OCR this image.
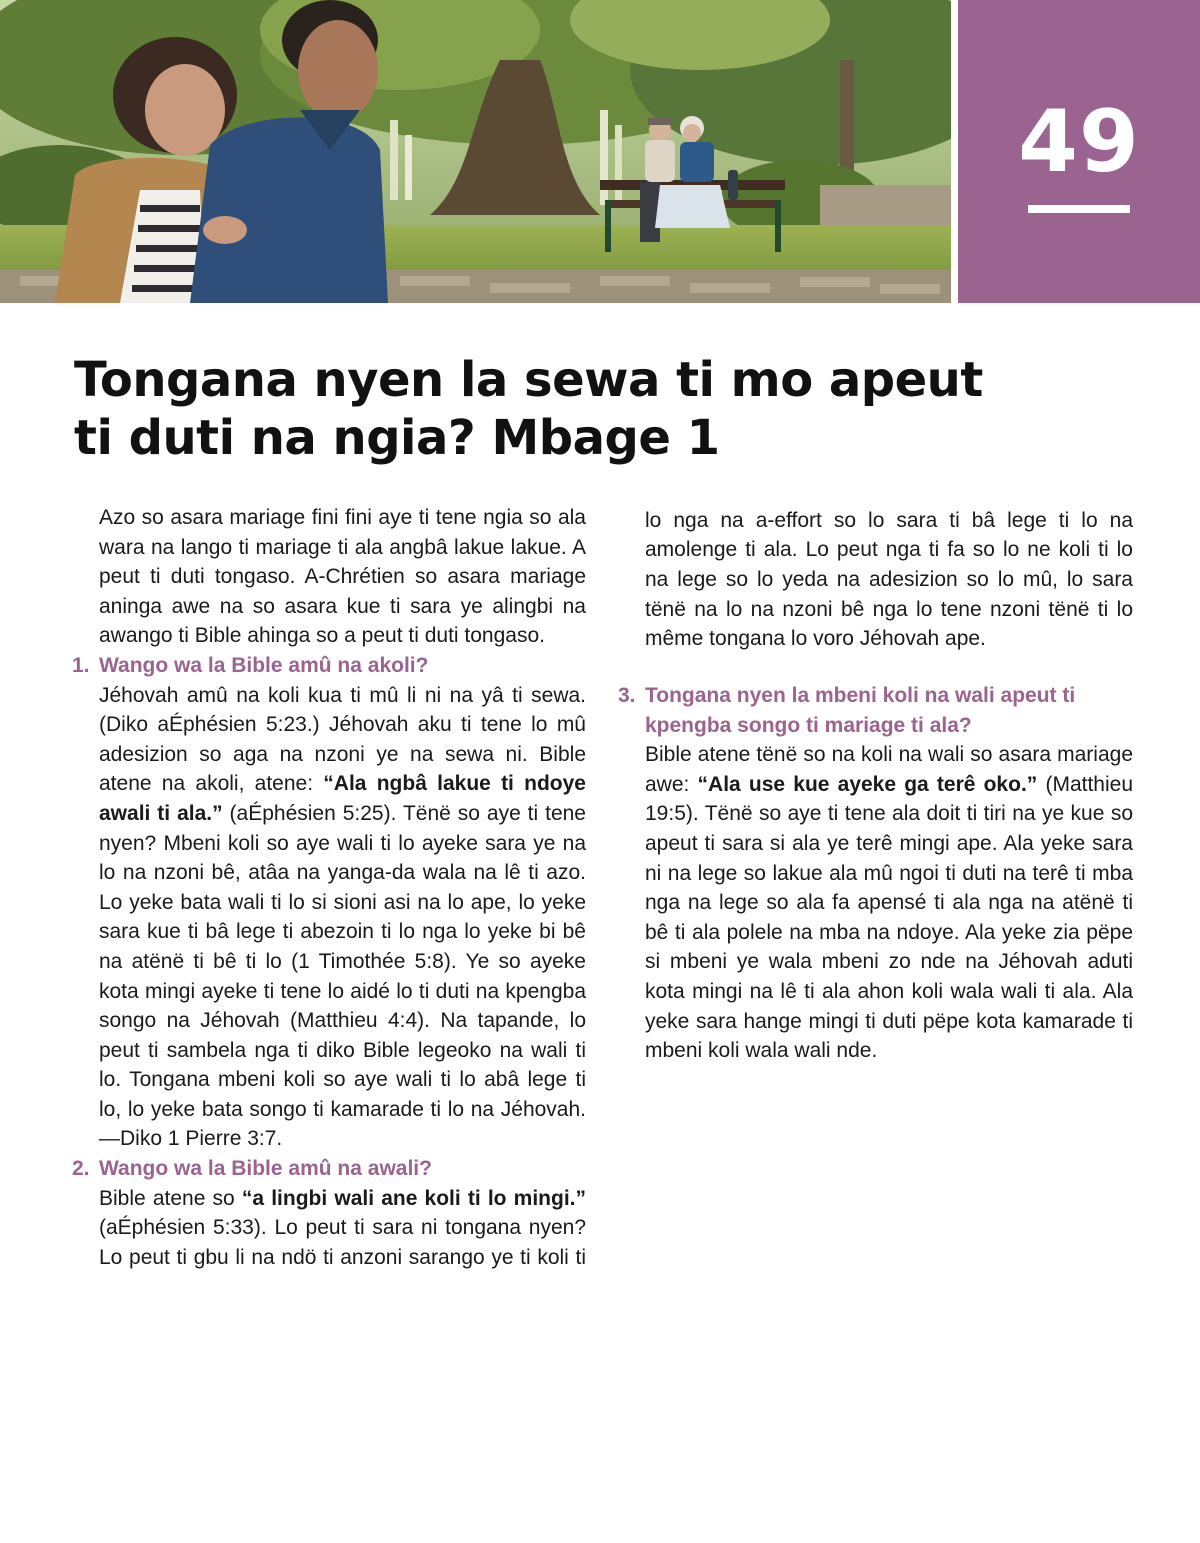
49
Tongana nyen la sewa ti mo apeut
ti duti na ngia? Mbage 1

Azo so asara mariage fini fini aye ti tene ngia so ala wara na lango ti mariage ti ala angbâ lakue lakue. A peut ti duti tongaso. A-Chrétien so asara mariage aninga awe na so asara kue ti sara ye alingbi na awango ti Bible ahinga so a peut ti duti tongaso.

1. Wango wa la Bible amû na akoli?

Jéhovah amû na koli kua ti mû li ni na yâ ti sewa. (Diko aÉphésien 5:23.) Jéhovah aku ti tene lo mû adesizion so aga na nzoni ye na sewa ni. Bible atene na akoli, atene: “Ala ngbâ lakue ti ndoye awali ti ala.” (aÉphésien 5:25). Tënë so aye ti tene nyen? Mbeni koli so aye wali ti lo ayeke sara ye na lo na nzoni bê, atâa na yanga-da wala na lê ti azo. Lo yeke bata wali ti lo si sioni asi na lo ape, lo yeke sara kue ti bâ lege ti abezoin ti lo nga lo yeke bi bê na atënë ti bê ti lo (1 Timothée 5:8). Ye so ayeke kota mingi ayeke ti tene lo aidé lo ti duti na kpengba songo na Jéhovah (Matthieu 4:4). Na tapande, lo peut ti sambela nga ti diko Bible legeoko na wali ti lo. Tongana mbeni koli so aye wali ti lo abâ lege ti lo, lo yeke bata songo ti kamarade ti lo na Jéhovah.—Diko 1 Pierre 3:7.

2. Wango wa la Bible amû na awali?

Bible atene so “a lingbi wali ane koli ti lo mingi.” (aÉphésien 5:33). Lo peut ti sara ni tongana nyen? Lo peut ti gbu li na ndö ti anzoni sarango ye ti koli ti

lo nga na a-effort so lo sara ti bâ lege ti lo na amolenge ti ala. Lo peut nga ti fa so lo ne koli ti lo na lege so lo yeda na adesizion so lo mû, lo sara tënë na lo na nzoni bê nga lo tene nzoni tënë ti lo même tongana lo voro Jéhovah ape.

3. Tongana nyen la mbeni koli na wali apeut ti kpengba songo ti mariage ti ala?

Bible atene tënë so na koli na wali so asara mariage awe: “Ala use kue ayeke ga terê oko.” (Matthieu 19:5). Tënë so aye ti tene ala doit ti tiri na ye kue so apeut ti sara si ala ye terê mingi ape. Ala yeke sara ni na lege so lakue ala mû ngoi ti duti na terê ti mba nga na lege so ala fa apensé ti ala nga na atënë ti bê ti ala polele na mba na ndoye. Ala yeke zia pëpe si mbeni ye wala mbeni zo nde na Jéhovah aduti kota mingi na lê ti ala ahon koli wala wali ti ala. Ala yeke sara hange mingi ti duti pëpe kota kamarade ti mbeni koli wala wali nde.
